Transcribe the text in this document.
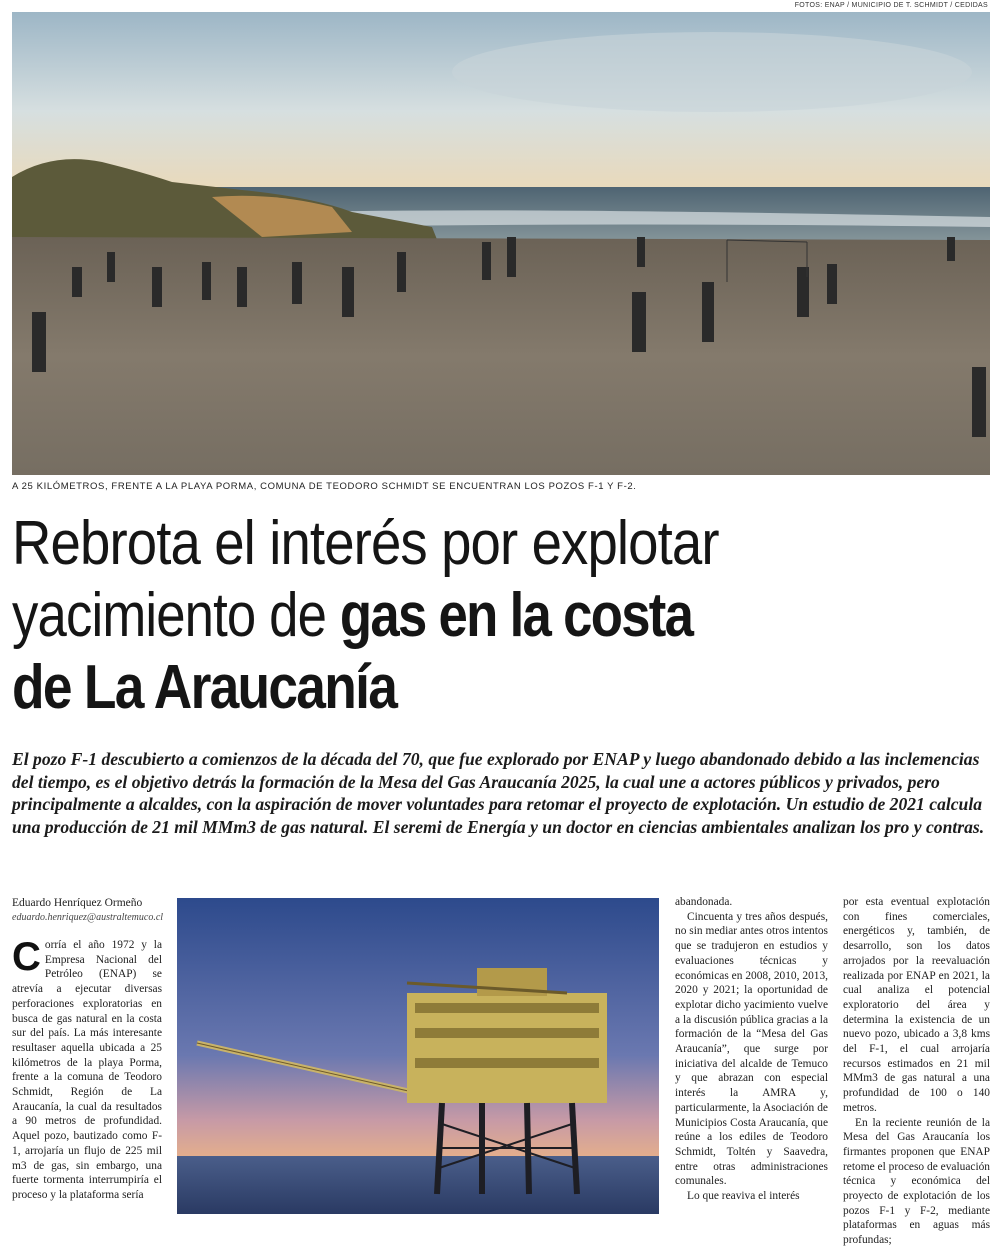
FOTOS: ENAP / MUNICIPIO DE T. SCHMIDT / CEDIDAS
A 25 KILÓMETROS, FRENTE A LA PLAYA PORMA, COMUNA DE TEODORO SCHMIDT SE ENCUENTRAN LOS POZOS F-1 Y F-2.
Rebrota el interés por explotar
yacimiento de gas en la costa
de La Araucanía
El pozo F-1 descubierto a comienzos de la década del 70, que fue explorado por ENAP y luego abandonado debido a las inclemencias del tiempo, es el objetivo detrás la formación de la Mesa del Gas Araucanía 2025, la cual une a actores públicos y privados, pero principalmente a alcaldes, con la aspiración de mover voluntades para retomar el proyecto de explotación. Un estudio de 2021 calcula una producción de 21 mil MMm3 de gas natural. El seremi de Energía y un doctor en ciencias ambientales analizan los pro y contras.
Eduardo Henríquez Ormeño
eduardo.henriquez@australtemuco.cl
C orría el año 1972 y la Empresa Nacional del Petróleo (ENAP) se atrevía a ejecutar diversas perforaciones exploratorias en busca de gas natural en la costa sur del país. La más interesante resultaser aquella ubicada a 25 kilómetros de la playa Porma, frente a la comuna de Teodoro Schmidt, Región de La Araucanía, la cual da resultados a 90 metros de profundidad. Aquel pozo, bautizado como F-1, arrojaría un flujo de 225 mil m3 de gas, sin embargo, una fuerte tormenta interrumpiría el proceso y la plataforma sería

abandonada.

Cincuenta y tres años después, no sin mediar antes otros intentos que se tradujeron en estudios y evaluaciones técnicas y económicas en 2008, 2010, 2013, 2020 y 2021; la oportunidad de explotar dicho yacimiento vuelve a la discusión pública gracias a la formación de la “Mesa del Gas Araucanía”, que surge por iniciativa del alcalde de Temuco y que abrazan con especial interés la AMRA y, particularmente, la Asociación de Municipios Costa Araucanía, que reúne a los ediles de Teodoro Schmidt, Toltén y Saavedra, entre otras administraciones comunales.

Lo que reaviva el interés

por esta eventual explotación con fines comerciales, energéticos y, también, de desarrollo, son los datos arrojados por la reevaluación realizada por ENAP en 2021, la cual analiza el potencial exploratorio del área y determina la existencia de un nuevo pozo, ubicado a 3,8 kms del F-1, el cual arrojaría recursos estimados en 21 mil MMm3 de gas natural a una profundidad de 100 o 140 metros.

En la reciente reunión de la Mesa del Gas Araucanía los firmantes proponen que ENAP retome el proceso de evaluación técnica y económica del proyecto de explotación de los pozos F-1 y F-2, mediante plataformas en aguas más profundas;
